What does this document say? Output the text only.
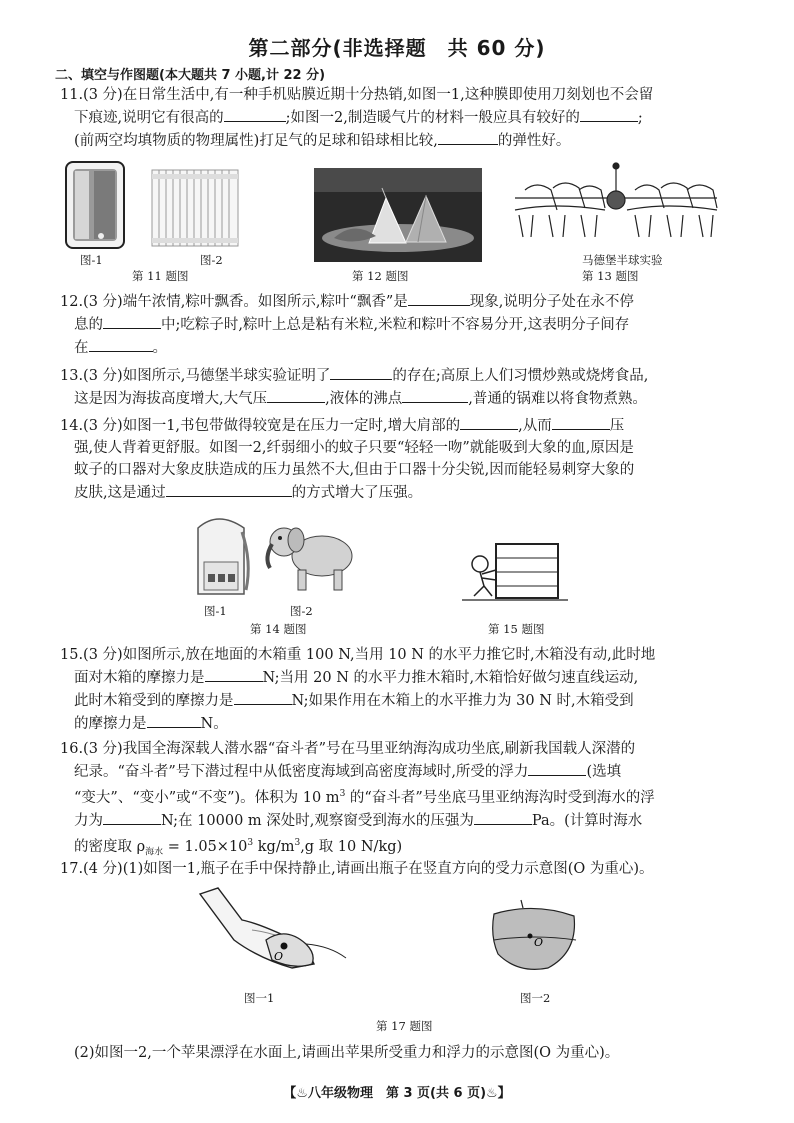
第二部分(非选择题　共 60 分)
二、填空与作图题(本大题共 7 小题,计 22 分)

11.(3 分)在日常生活中,有一种手机贴膜近期十分热销,如图一1,这种膜即使用刀刻划也不会留

下痕迹,说明它有很高的	;如图一2,制造暖气片的材料一般应具有较好的	;

(前两空均填物质的物理属性)打足气的足球和铅球相比较,	的弹性好。

图-1	图-2
第 11 题图	第 12 题图
马德堡半球实验
第 13 题图

12.(3 分)端午浓情,粽叶飘香。如图所示,粽叶“飘香”是	现象,说明分子处在永不停

息的	中;吃粽子时,粽叶上总是粘有米粒,米粒和粽叶不容易分开,这表明分子间存

在	。

13.(3 分)如图所示,马德堡半球实验证明了	的存在;高原上人们习惯炒熟或烧烤食品,

这是因为海拔高度增大,大气压	,液体的沸点	,普通的锅难以将食物煮熟。

14.(3 分)如图一1,书包带做得较宽是在压力一定时,增大肩部的	,从而	压

强,使人背着更舒服。如图一2,纤弱细小的蚊子只要“轻轻一吻”就能吸到大象的血,原因是

蚊子的口器对大象皮肤造成的压力虽然不大,但由于口器十分尖锐,因而能轻易刺穿大象的

皮肤,这是通过	的方式增大了压强。

图-1	图-2
第 14 题图	第 15 题图

15.(3 分)如图所示,放在地面的木箱重 100 N,当用 10 N 的水平力推它时,木箱没有动,此时地

面对木箱的摩擦力是	N;当用 20 N 的水平力推木箱时,木箱恰好做匀速直线运动,

此时木箱受到的摩擦力是	N;如果作用在木箱上的水平推力为 30 N 时,木箱受到

的摩擦力是	N。

16.(3 分)我国全海深载人潜水器“奋斗者”号在马里亚纳海沟成功坐底,刷新我国载人深潜的

纪录。“奋斗者”号下潜过程中从低密度海域到高密度海域时,所受的浮力	(选填

“变大”、“变小”或“不变”)。体积为 10 $m^3$ 的“奋斗者”号坐底马里亚纳海沟时受到海水的浮

力为	N;在 10000 m 深处时,观察窗受到海水的压强为	Pa。(计算时海水

的密度取 $\rho_{海水} = 1.05\times 10^3$ $kg/m^3,g$ 取 10 N/kg)

17.(4 分)(1)如图一1,瓶子在手中保持静止,请画出瓶子在竖直方向的受力示意图(O 为重心)。

O
图一1
O
图一2
第 17 题图

(2)如图一2,一个苹果漂浮在水面上,请画出苹果所受重力和浮力的示意图(O 为重心)。

【♨八年级物理　第 3 页(共 6 页)♨】
